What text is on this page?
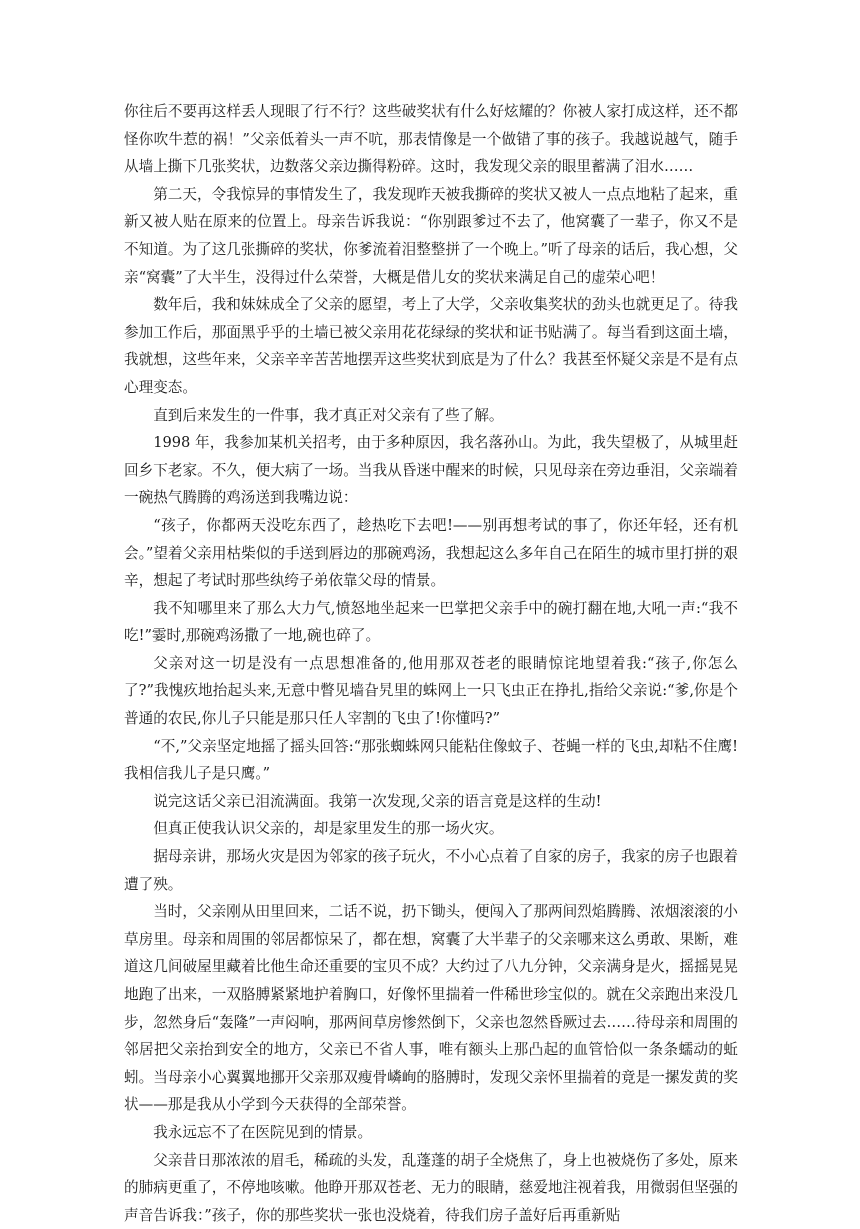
你往后不要再这样丢人现眼了行不行？这些破奖状有什么好炫耀的？你被人家打成这样，还不都怪你吹牛惹的祸！”父亲低着头一声不吭，那表情像是一个做错了事的孩子。我越说越气，随手从墙上撕下几张奖状，边数落父亲边撕得粉碎。这时，我发现父亲的眼里蓄满了泪水……

第二天，令我惊异的事情发生了，我发现昨天被我撕碎的奖状又被人一点点地粘了起来，重新又被人贴在原来的位置上。母亲告诉我说：“你别跟爹过不去了，他窝囊了一辈子，你又不是不知道。为了这几张撕碎的奖状，你爹流着泪整整拼了一个晚上。”听了母亲的话后，我心想，父亲“窝囊”了大半生，没得过什么荣誉，大概是借儿女的奖状来满足自己的虚荣心吧！

数年后，我和妹妹成全了父亲的愿望，考上了大学，父亲收集奖状的劲头也就更足了。待我参加工作后，那面黑乎乎的土墙已被父亲用花花绿绿的奖状和证书贴满了。每当看到这面土墙，我就想，这些年来，父亲辛辛苦苦地摆弄这些奖状到底是为了什么？我甚至怀疑父亲是不是有点心理变态。

直到后来发生的一件事，我才真正对父亲有了些了解。

1998 年，我参加某机关招考，由于多种原因，我名落孙山。为此，我失望极了，从城里赶回乡下老家。不久，便大病了一场。当我从昏迷中醒来的时候，只见母亲在旁边垂泪，父亲端着一碗热气腾腾的鸡汤送到我嘴边说：

“孩子，你都两天没吃东西了，趁热吃下去吧!——别再想考试的事了，你还年轻，还有机会。”望着父亲用枯柴似的手送到唇边的那碗鸡汤，我想起这么多年自己在陌生的城市里打拼的艰辛，想起了考试时那些纨绔子弟依靠父母的情景。

我不知哪里来了那么大力气,愤怒地坐起来一巴掌把父亲手中的碗打翻在地,大吼一声:“我不吃!”霎时,那碗鸡汤撒了一地,碗也碎了。

父亲对这一切是没有一点思想准备的,他用那双苍老的眼睛惊诧地望着我:“孩子,你怎么了?”我愧疚地抬起头来,无意中瞥见墙旮旯里的蛛网上一只飞虫正在挣扎,指给父亲说:“爹,你是个普通的农民,你儿子只能是那只任人宰割的飞虫了!你懂吗?”

“不,”父亲坚定地摇了摇头回答:“那张蜘蛛网只能粘住像蚊子、苍蝇一样的飞虫,却粘不住鹰!我相信我儿子是只鹰。”

说完这话父亲已泪流满面。我第一次发现,父亲的语言竟是这样的生动!

但真正使我认识父亲的，却是家里发生的那一场火灾。

据母亲讲，那场火灾是因为邻家的孩子玩火，不小心点着了自家的房子，我家的房子也跟着遭了殃。

当时，父亲刚从田里回来，二话不说，扔下锄头，便闯入了那两间烈焰腾腾、浓烟滚滚的小草房里。母亲和周围的邻居都惊呆了，都在想，窝囊了大半辈子的父亲哪来这么勇敢、果断，难道这几间破屋里藏着比他生命还重要的宝贝不成？大约过了八九分钟，父亲满身是火，摇摇晃晃地跑了出来，一双胳膊紧紧地护着胸口，好像怀里揣着一件稀世珍宝似的。就在父亲跑出来没几步，忽然身后“轰隆”一声闷响，那两间草房惨然倒下，父亲也忽然昏厥过去……待母亲和周围的邻居把父亲抬到安全的地方，父亲已不省人事，唯有额头上那凸起的血管恰似一条条蠕动的蚯蚓。当母亲小心翼翼地挪开父亲那双瘦骨嶙峋的胳膊时，发现父亲怀里揣着的竟是一摞发黄的奖状——那是我从小学到今天获得的全部荣誉。

我永远忘不了在医院见到的情景。

父亲昔日那浓浓的眉毛，稀疏的头发，乱蓬蓬的胡子全烧焦了，身上也被烧伤了多处，原来的肺病更重了，不停地咳嗽。他睁开那双苍老、无力的眼睛，慈爱地注视着我，用微弱但坚强的声音告诉我：”孩子，你的那些奖状一张也没烧着，待我们房子盖好后再重新贴
